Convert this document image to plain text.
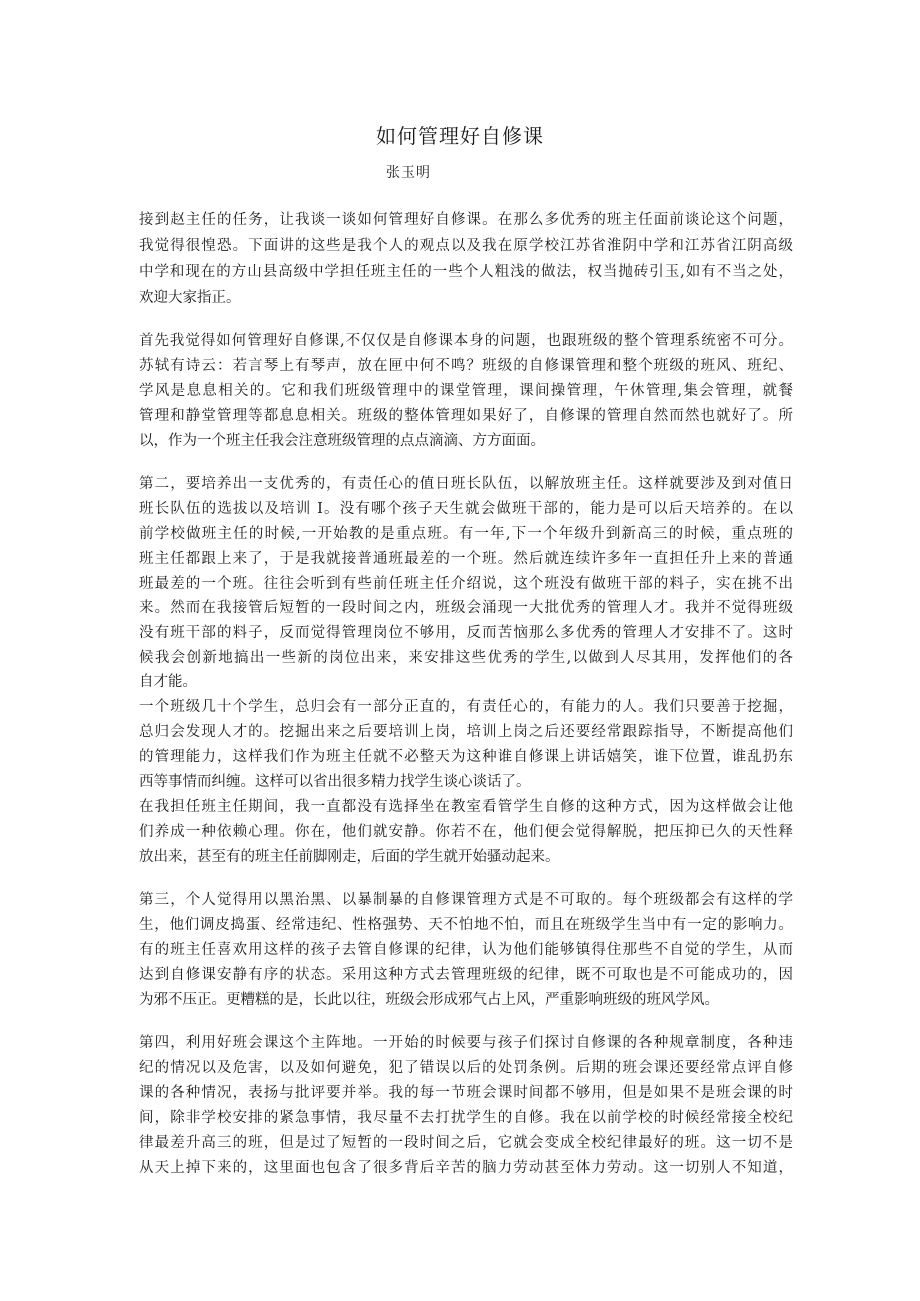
如何管理好自修课
张玉明
接到赵主任的任务，让我谈一谈如何管理好自修课。在那么多优秀的班主任面前谈论这个问题，
我觉得很惶恐。下面讲的这些是我个人的观点以及我在原学校江苏省淮阴中学和江苏省江阴高级
中学和现在的方山县高级中学担任班主任的一些个人粗浅的做法，权当抛砖引玉,如有不当之处，
欢迎大家指正。
首先我觉得如何管理好自修课,不仅仅是自修课本身的问题，也跟班级的整个管理系统密不可分。
苏轼有诗云：若言琴上有琴声，放在匣中何不鸣？班级的自修课管理和整个班级的班风、班纪、
学风是息息相关的。它和我们班级管理中的课堂管理，课间操管理，午休管理,集会管理，就餐
管理和静堂管理等都息息相关。班级的整体管理如果好了，自修课的管理自然而然也就好了。所
以，作为一个班主任我会注意班级管理的点点滴滴、方方面面。
第二，要培养出一支优秀的，有责任心的值日班长队伍，以解放班主任。这样就要涉及到对值日
班长队伍的选拔以及培训 I。没有哪个孩子天生就会做班干部的，能力是可以后天培养的。在以
前学校做班主任的时候,一开始教的是重点班。有一年,下一个年级升到新高三的时候，重点班的
班主任都跟上来了，于是我就接普通班最差的一个班。然后就连续许多年一直担任升上来的普通
班最差的一个班。往往会听到有些前任班主任介绍说，这个班没有做班干部的料子，实在挑不出
来。然而在我接管后短暂的一段时间之内，班级会涌现一大批优秀的管理人才。我并不觉得班级
没有班干部的料子，反而觉得管理岗位不够用，反而苦恼那么多优秀的管理人才安排不了。这时
候我会创新地搞出一些新的岗位出来，来安排这些优秀的学生,以做到人尽其用，发挥他们的各
自才能。
一个班级几十个学生，总归会有一部分正直的，有责任心的，有能力的人。我们只要善于挖掘，
总归会发现人才的。挖掘出来之后要培训上岗，培训上岗之后还要经常跟踪指导，不断提高他们
的管理能力，这样我们作为班主任就不必整天为这种谁自修课上讲话嬉笑，谁下位置，谁乱扔东
西等事情而纠缠。这样可以省出很多精力找学生谈心谈话了。
在我担任班主任期间，我一直都没有选择坐在教室看管学生自修的这种方式，因为这样做会让他
们养成一种依赖心理。你在，他们就安静。你若不在，他们便会觉得解脱，把压抑已久的天性释
放出来，甚至有的班主任前脚刚走，后面的学生就开始骚动起来。
第三，个人觉得用以黑治黑、以暴制暴的自修课管理方式是不可取的。每个班级都会有这样的学
生，他们调皮捣蛋、经常违纪、性格强势、天不怕地不怕，而且在班级学生当中有一定的影响力。
有的班主任喜欢用这样的孩子去管自修课的纪律，认为他们能够镇得住那些不自觉的学生，从而
达到自修课安静有序的状态。采用这种方式去管理班级的纪律，既不可取也是不可能成功的，因
为邪不压正。更糟糕的是，长此以往，班级会形成邪气占上风，严重影响班级的班风学风。
第四，利用好班会课这个主阵地。一开始的时候要与孩子们探讨自修课的各种规章制度，各种违
纪的情况以及危害，以及如何避免，犯了错误以后的处罚条例。后期的班会课还要经常点评自修
课的各种情况，表扬与批评要并举。我的每一节班会课时间都不够用，但是如果不是班会课的时
间，除非学校安排的紧急事情，我尽量不去打扰学生的自修。我在以前学校的时候经常接全校纪
律最差升高三的班，但是过了短暂的一段时间之后，它就会变成全校纪律最好的班。这一切不是
从天上掉下来的，这里面也包含了很多背后辛苦的脑力劳动甚至体力劳动。这一切别人不知道，
